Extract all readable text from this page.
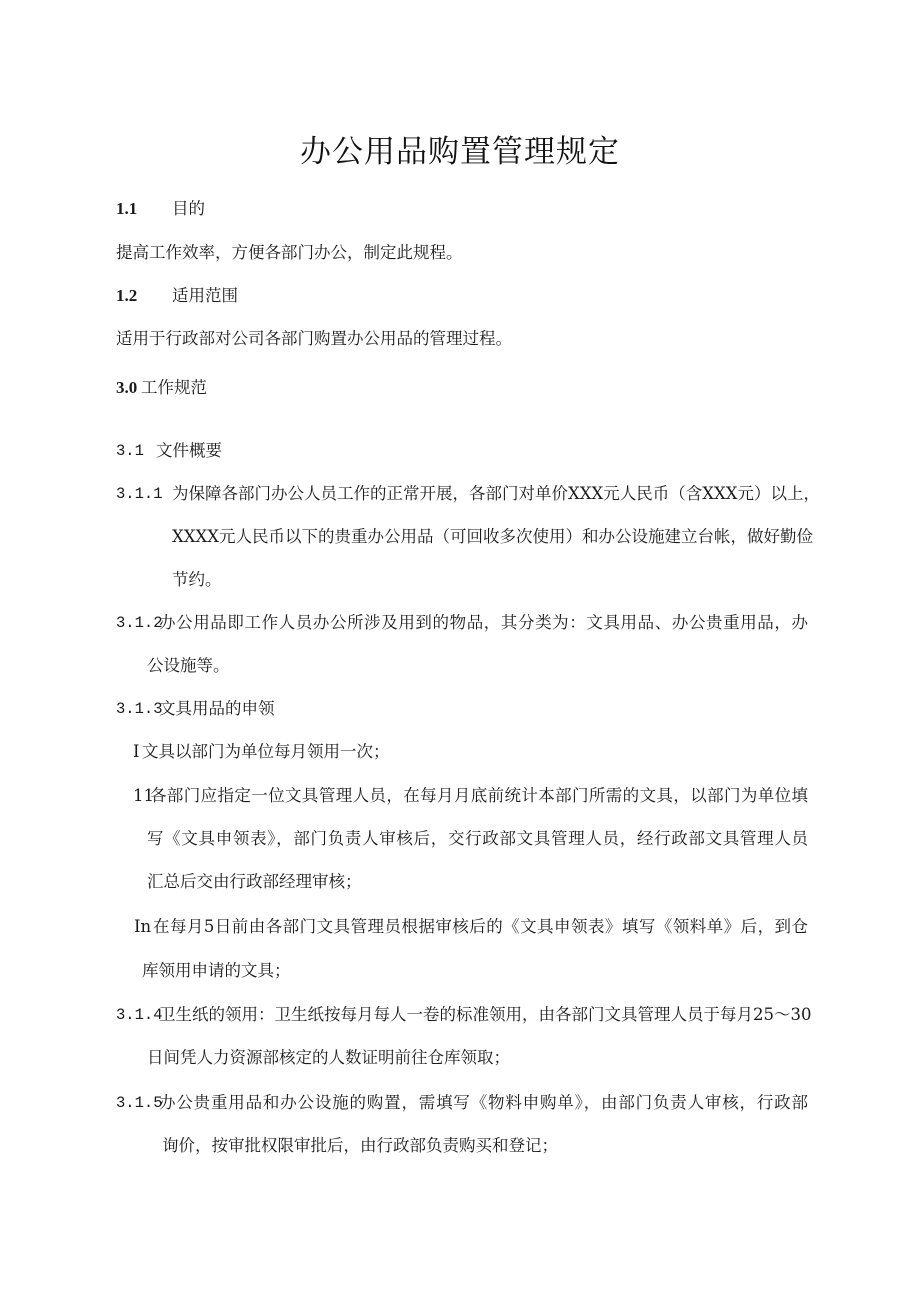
办公用品购置管理规定
1.1 目的
提高工作效率，方便各部门办公，制定此规程。
1.2 适用范围
适用于行政部对公司各部门购置办公用品的管理过程。
3.0 工作规范
3.1 文件概要
3.1.1 为保障各部门办公人员工作的正常开展，各部门对单价XXX元人民币（含XXX元）以上，
XXXX元人民币以下的贵重办公用品（可回收多次使用）和办公设施建立台帐，做好勤俭
节约。
3.1.2
办公用品即工作人员办公所涉及用到的物品，其分类为：文具用品、办公贵重用品，办
公设施等。
3.1.3
文具用品的申领
I 文具以部门为单位每月领用一次；
11
各部门应指定一位文具管理人员，在每月月底前统计本部门所需的文具，以部门为单位填
写《文具申领表》，部门负责人审核后，交行政部文具管理人员，经行政部文具管理人员
汇总后交由行政部经理审核；
In 在每月5日前由各部门文具管理员根据审核后的《文具申领表》填写《领料单》后，到仓
库领用申请的文具；
3.1.4
卫生纸的领用：卫生纸按每月每人一卷的标准领用，由各部门文具管理人员于每月25～30
日间凭人力资源部核定的人数证明前往仓库领取；
3.1.5
办公贵重用品和办公设施的购置，需填写《物料申购单》，由部门负责人审核，行政部
询价，按审批权限审批后，由行政部负责购买和登记；
